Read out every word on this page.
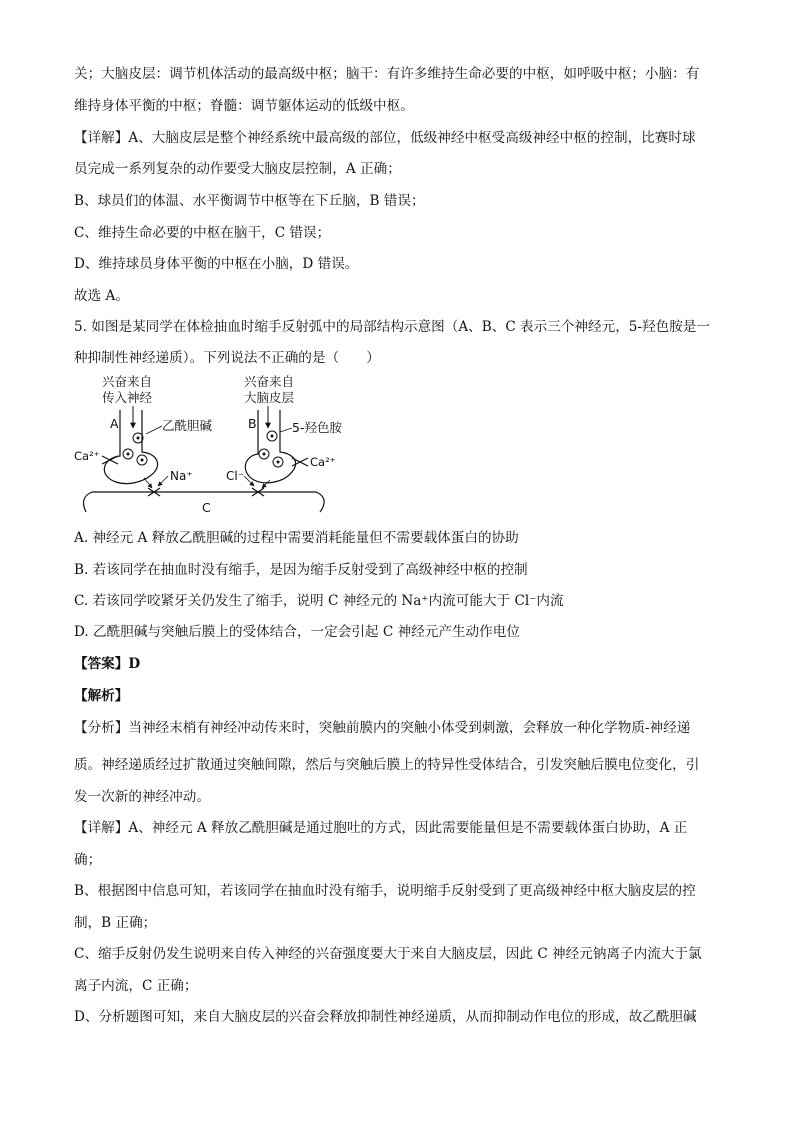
关；大脑皮层：调节机体活动的最高级中枢；脑干：有许多维持生命必要的中枢，如呼吸中枢；小脑：有
维持身体平衡的中枢；脊髓：调节躯体运动的低级中枢。
【详解】A、大脑皮层是整个神经系统中最高级的部位，低级神经中枢受高级神经中枢的控制，比赛时球
员完成一系列复杂的动作要受大脑皮层控制，A 正确；
B、球员们的体温、水平衡调节中枢等在下丘脑，B 错误；
C、维持生命必要的中枢在脑干，C 错误；
D、维持球员身体平衡的中枢在小脑，D 错误。
故选 A。
5. 如图是某同学在体检抽血时缩手反射弧中的局部结构示意图（A、B、C 表示三个神经元，5-羟色胺是一
种抑制性神经递质）。下列说法不正确的是（　　）
兴奋来自
传入神经
兴奋来自
大脑皮层
A	B
乙酰胆碱	5-羟色胺
Ca²⁺	Ca²⁺
Na⁺	Cl⁻
C
A. 神经元 A 释放乙酰胆碱的过程中需要消耗能量但不需要载体蛋白的协助
B. 若该同学在抽血时没有缩手，是因为缩手反射受到了高级神经中枢的控制
C. 若该同学咬紧牙关仍发生了缩手，说明 C 神经元的 Na⁺内流可能大于 Cl⁻内流
D. 乙酰胆碱与突触后膜上的受体结合，一定会引起 C 神经元产生动作电位
【答案】D
【解析】
【分析】当神经末梢有神经冲动传来时，突触前膜内的突触小体受到刺激，会释放一种化学物质-神经递
质。神经递质经过扩散通过突触间隙，然后与突触后膜上的特异性受体结合，引发突触后膜电位变化，引
发一次新的神经冲动。
【详解】A、神经元 A 释放乙酰胆碱是通过胞吐的方式，因此需要能量但是不需要载体蛋白协助，A 正
确；
B、根据图中信息可知，若该同学在抽血时没有缩手，说明缩手反射受到了更高级神经中枢大脑皮层的控
制，B 正确；
C、缩手反射仍发生说明来自传入神经的兴奋强度要大于来自大脑皮层，因此 C 神经元钠离子内流大于氯
离子内流，C 正确；
D、分析题图可知，来自大脑皮层的兴奋会释放抑制性神经递质，从而抑制动作电位的形成，故乙酰胆碱
